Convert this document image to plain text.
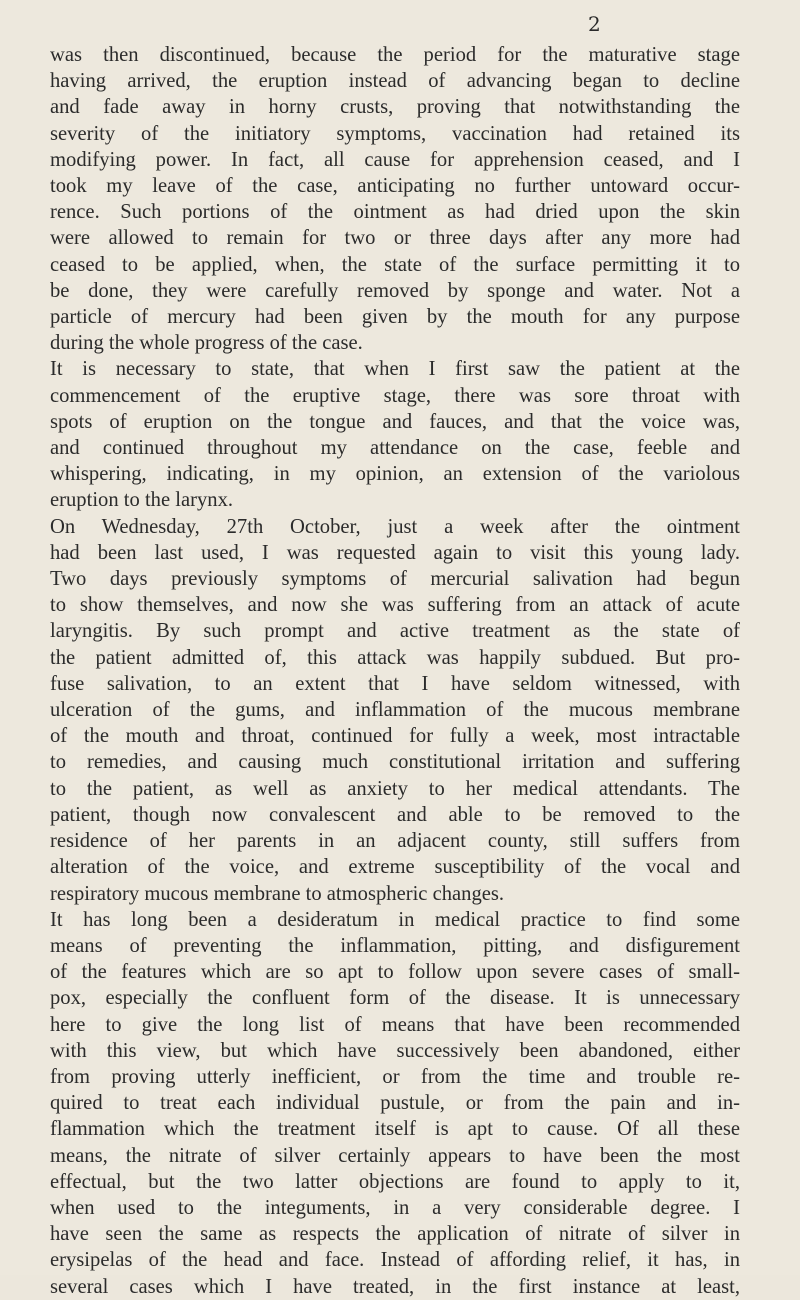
2

was then discontinued, because the period for the maturative stage

having arrived, the eruption instead of advancing began to decline

and fade away in horny crusts, proving that notwithstanding the

severity of the initiatory symptoms, vaccination had retained its

modifying power. In fact, all cause for apprehension ceased, and I

took my leave of the case, anticipating no further untoward occur-

rence. Such portions of the ointment as had dried upon the skin

were allowed to remain for two or three days after any more had

ceased to be applied, when, the state of the surface permitting it to

be done, they were carefully removed by sponge and water. Not a

particle of mercury had been given by the mouth for any purpose

during the whole progress of the case.

It is necessary to state, that when I first saw the patient at the

commencement of the eruptive stage, there was sore throat with

spots of eruption on the tongue and fauces, and that the voice was,

and continued throughout my attendance on the case, feeble and

whispering, indicating, in my opinion, an extension of the variolous

eruption to the larynx.

On Wednesday, 27th October, just a week after the ointment

had been last used, I was requested again to visit this young lady.

Two days previously symptoms of mercurial salivation had begun

to show themselves, and now she was suffering from an attack of acute

laryngitis. By such prompt and active treatment as the state of

the patient admitted of, this attack was happily subdued. But pro-

fuse salivation, to an extent that I have seldom witnessed, with

ulceration of the gums, and inflammation of the mucous membrane

of the mouth and throat, continued for fully a week, most intractable

to remedies, and causing much constitutional irritation and suffering

to the patient, as well as anxiety to her medical attendants. The

patient, though now convalescent and able to be removed to the

residence of her parents in an adjacent county, still suffers from

alteration of the voice, and extreme susceptibility of the vocal and

respiratory mucous membrane to atmospheric changes.

It has long been a desideratum in medical practice to find some

means of preventing the inflammation, pitting, and disfigurement

of the features which are so apt to follow upon severe cases of small-

pox, especially the confluent form of the disease. It is unnecessary

here to give the long list of means that have been recommended

with this view, but which have successively been abandoned, either

from proving utterly inefficient, or from the time and trouble re-

quired to treat each individual pustule, or from the pain and in-

flammation which the treatment itself is apt to cause. Of all these

means, the nitrate of silver certainly appears to have been the most

effectual, but the two latter objections are found to apply to it,

when used to the integuments, in a very considerable degree. I

have seen the same as respects the application of nitrate of silver in

erysipelas of the head and face. Instead of affording relief, it has, in

several cases which I have treated, in the first instance at least,
